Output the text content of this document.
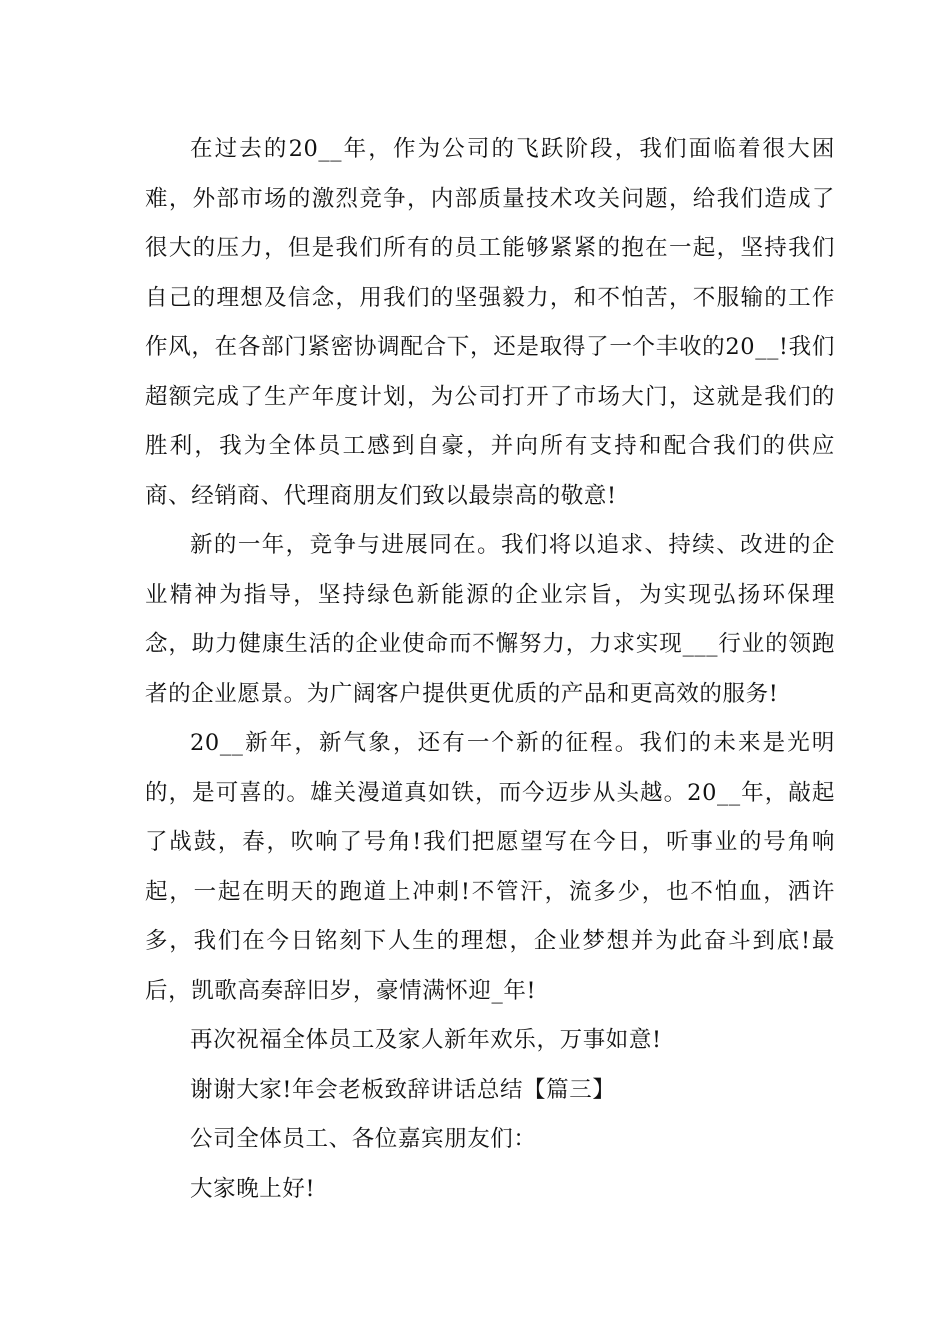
在过去的20__年，作为公司的飞跃阶段，我们面临着很大困难，外部市场的激烈竞争，内部质量技术攻关问题，给我们造成了很大的压力，但是我们所有的员工能够紧紧的抱在一起，坚持我们自己的理想及信念，用我们的坚强毅力，和不怕苦，不服输的工作作风，在各部门紧密协调配合下，还是取得了一个丰收的20__!我们超额完成了生产年度计划，为公司打开了市场大门，这就是我们的胜利，我为全体员工感到自豪，并向所有支持和配合我们的供应商、经销商、代理商朋友们致以最崇高的敬意!

新的一年，竞争与进展同在。我们将以追求、持续、改进的企业精神为指导，坚持绿色新能源的企业宗旨，为实现弘扬环保理念，助力健康生活的企业使命而不懈努力，力求实现___行业的领跑者的企业愿景。为广阔客户提供更优质的产品和更高效的服务!

20__新年，新气象，还有一个新的征程。我们的未来是光明的，是可喜的。雄关漫道真如铁，而今迈步从头越。20__年，敲起了战鼓，春，吹响了号角!我们把愿望写在今日，听事业的号角响起，一起在明天的跑道上冲刺!不管汗，流多少，也不怕血，洒许多，我们在今日铭刻下人生的理想，企业梦想并为此奋斗到底!最后，凯歌高奏辞旧岁，豪情满怀迎_年!

再次祝福全体员工及家人新年欢乐，万事如意!

谢谢大家!年会老板致辞讲话总结【篇三】

公司全体员工、各位嘉宾朋友们：

大家晚上好!
